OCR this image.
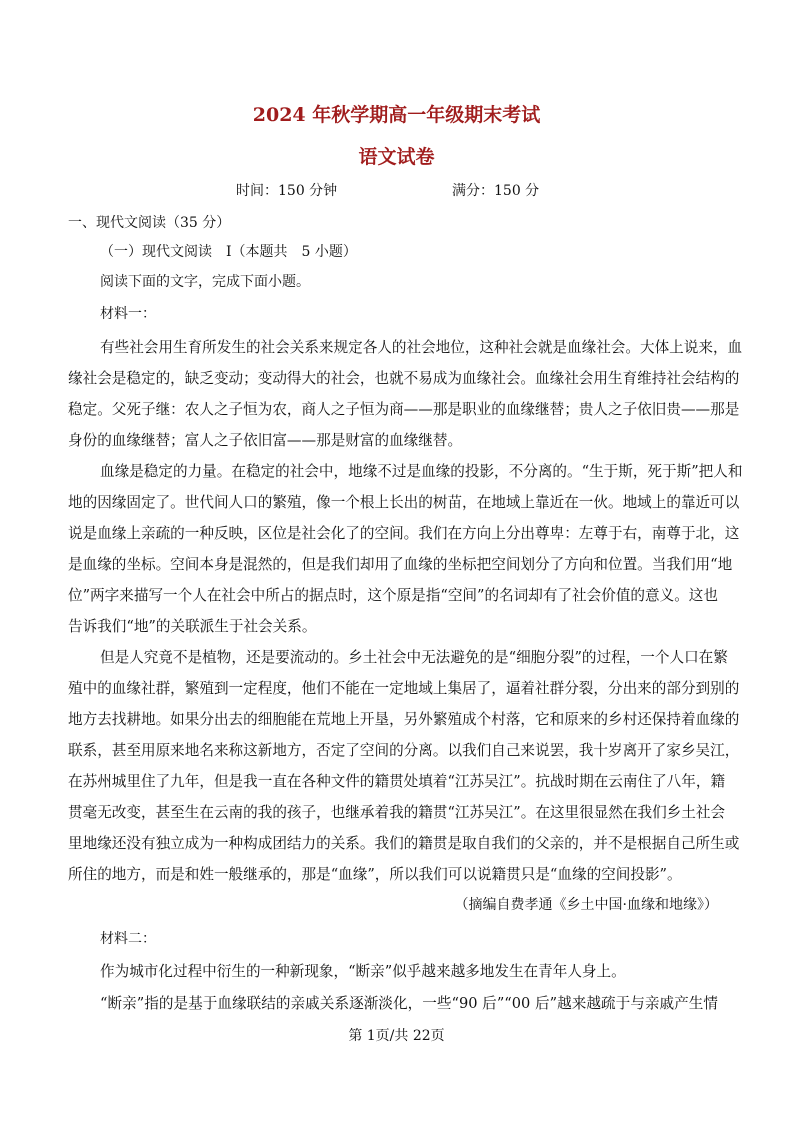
2024 年秋学期高一年级期末考试
语文试卷
时间：150 分钟	满分：150 分
一、现代文阅读（35 分）
（一）现代文阅读　Ⅰ（本题共　5 小题）
阅读下面的文字，完成下面小题。
材料一：
有些社会用生育所发生的社会关系来规定各人的社会地位，这种社会就是血缘社会。大体上说来，血
缘社会是稳定的，缺乏变动；变动得大的社会，也就不易成为血缘社会。血缘社会用生育维持社会结构的
稳定。父死子继：农人之子恒为农，商人之子恒为商——那是职业的血缘继替；贵人之子依旧贵——那是
身份的血缘继替；富人之子依旧富——那是财富的血缘继替。
血缘是稳定的力量。在稳定的社会中，地缘不过是血缘的投影，不分离的。“生于斯，死于斯”把人和
地的因缘固定了。世代间人口的繁殖，像一个根上长出的树苗，在地域上靠近在一伙。地域上的靠近可以
说是血缘上亲疏的一种反映，区位是社会化了的空间。我们在方向上分出尊卑：左尊于右，南尊于北，这
是血缘的坐标。空间本身是混然的，但是我们却用了血缘的坐标把空间划分了方向和位置。当我们用“地
位”两字来描写一个人在社会中所占的据点时，这个原是指“空间”的名词却有了社会价值的意义。这也
告诉我们“地”的关联派生于社会关系。
但是人究竟不是植物，还是要流动的。乡土社会中无法避免的是“细胞分裂”的过程，一个人口在繁
殖中的血缘社群，繁殖到一定程度，他们不能在一定地域上集居了，逼着社群分裂，分出来的部分到别的
地方去找耕地。如果分出去的细胞能在荒地上开垦，另外繁殖成个村落，它和原来的乡村还保持着血缘的
联系，甚至用原来地名来称这新地方，否定了空间的分离。以我们自己来说罢，我十岁离开了家乡吴江，
在苏州城里住了九年，但是我一直在各种文件的籍贯处填着“江苏吴江”。抗战时期在云南住了八年，籍
贯毫无改变，甚至生在云南的我的孩子，也继承着我的籍贯“江苏吴江”。在这里很显然在我们乡土社会
里地缘还没有独立成为一种构成团结力的关系。我们的籍贯是取自我们的父亲的，并不是根据自己所生或
所住的地方，而是和姓一般继承的，那是“血缘”，所以我们可以说籍贯只是“血缘的空间投影”。
（摘编自费孝通《乡土中国·血缘和地缘》）
材料二：
作为城市化过程中衍生的一种新现象，“断亲”似乎越来越多地发生在青年人身上。
“断亲”指的是基于血缘联结的亲戚关系逐渐淡化，一些“90 后”“00 后”越来越疏于与亲戚产生情
第 1页/共 22页
